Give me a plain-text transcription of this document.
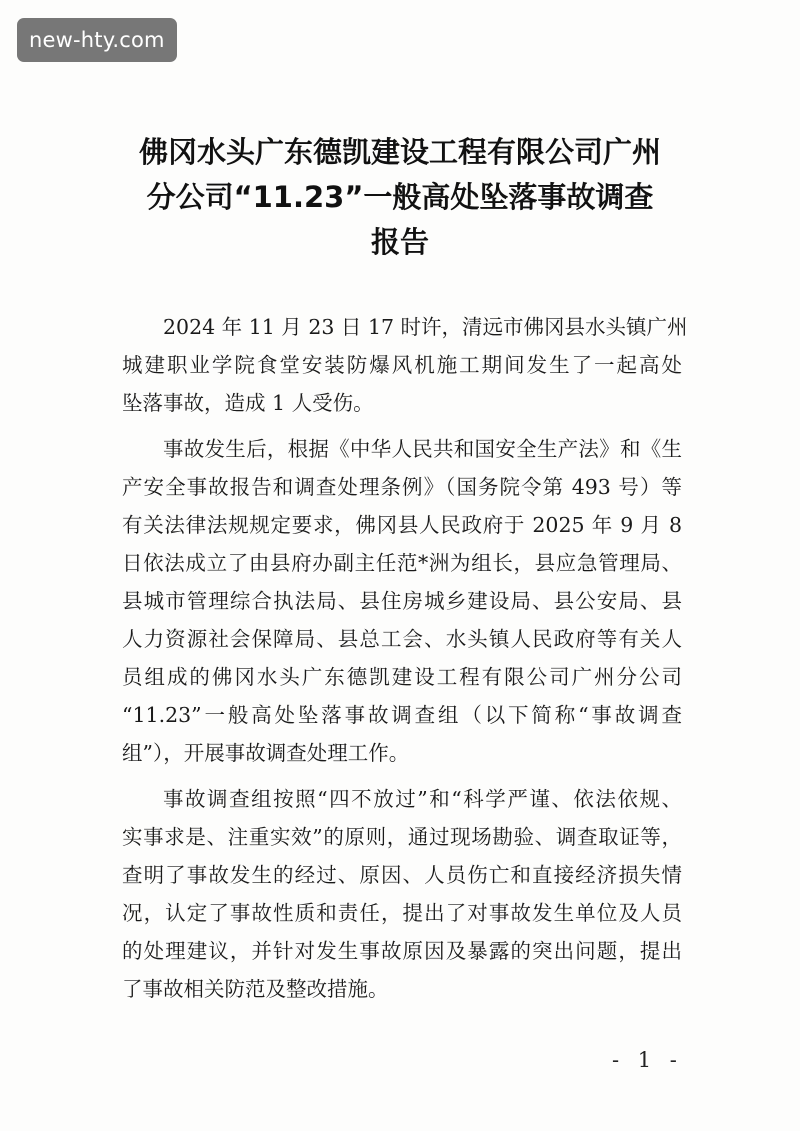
new-hty.com
佛冈水头广东德凯建设工程有限公司广州
分公司“11.23”一般高处坠落事故调查
报告
2024 年 11 月 23 日 17 时许，清远市佛冈县水头镇广州
城建职业学院食堂安装防爆风机施工期间发生了一起高处
坠落事故，造成 1 人受伤。
事故发生后，根据《中华人民共和国安全生产法》和《生
产安全事故报告和调查处理条例》（国务院令第 493 号）等
有关法律法规规定要求，佛冈县人民政府于 2025 年 9 月 8
日依法成立了由县府办副主任范*洲为组长，县应急管理局、
县城市管理综合执法局、县住房城乡建设局、县公安局、县
人力资源社会保障局、县总工会、水头镇人民政府等有关人
员组成的佛冈水头广东德凯建设工程有限公司广州分公司
“11.23”一般高处坠落事故调查组（以下简称“事故调查
组”），开展事故调查处理工作。
事故调查组按照“四不放过”和“科学严谨、依法依规、
实事求是、注重实效”的原则，通过现场勘验、调查取证等，
查明了事故发生的经过、原因、人员伤亡和直接经济损失情
况，认定了事故性质和责任，提出了对事故发生单位及人员
的处理建议，并针对发生事故原因及暴露的突出问题，提出
了事故相关防范及整改措施。
- 1 -
